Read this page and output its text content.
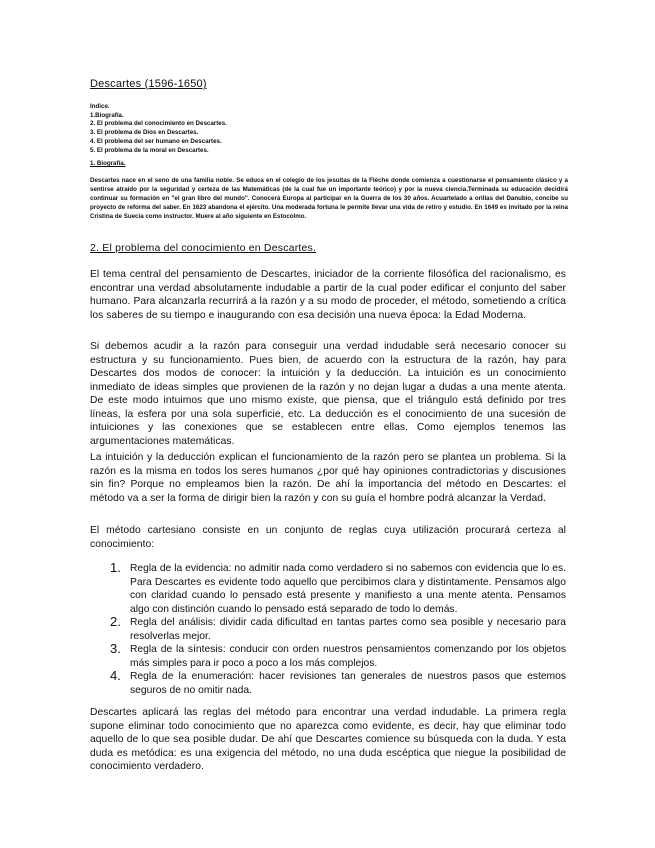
Descartes (1596-1650)
Indice.
1.Biografía.
2. El problema del conocimiento en Descartes.
3. El problema de Dios en Descartes.
4. El problema del ser humano en Descartes.
5. El problema de la moral en Descartes.
1. Biografía.
Descartes nace en el seno de una familia noble. Se educa en el colegio de los jesuitas de la Flèche donde comienza a cuestionarse el pensamiento clásico y a sentirse atraído por la seguridad y certeza de las Matemáticas (de la cual fue un importante teórico) y por la nueva ciencia.Terminada su educación decidirá continuar su formación en "el gran libro del mundo". Conocerá Europa al participar en la Guerra de los 30 años. Acuartelado a orillas del Danubio, concibe su proyecto de reforma del saber. En 1623 abandona el ejército. Una moderada fortuna le permite llevar una vida de retiro y estudio. En 1649 es invitado por la reina Cristina de Suecia como instructor. Muere al año siguiente en Estocolmo.
2. El problema del conocimiento en Descartes.
El tema central del pensamiento de Descartes, iniciador de la corriente filosófica del racionalismo, es encontrar una verdad absolutamente indudable a partir de la cual poder edificar el conjunto del saber humano. Para alcanzarla recurrirá a la razón y a su modo de proceder, el método, sometiendo a crítica los saberes de su tiempo e inaugurando con esa decisión una nueva época: la Edad Moderna.
Si debemos acudir a la razón para conseguir una verdad indudable será necesario conocer su estructura y su funcionamiento. Pues bien, de acuerdo con la estructura de la razón, hay para Descartes dos modos de conocer: la intuición y la deducción. La intuición es un conocimiento inmediato de ideas simples que provienen de la razón y no dejan lugar a dudas a una mente atenta. De este modo intuimos que uno mismo existe, que piensa, que el triángulo está definido por tres líneas, la esfera por una sola superficie, etc. La deducción es el conocimiento de una sucesión de intuiciones y las conexiones que se establecen entre ellas. Como ejemplos tenemos las argumentaciones matemáticas.
La intuición y la deducción explican el funcionamiento de la razón pero se plantea un problema. Si la razón es la misma en todos los seres humanos ¿por qué hay opiniones contradictorias y discusiones sin fin? Porque no empleamos bien la razón. De ahí la importancia del método en Descartes: el método va a ser la forma de dirigir bien la razón y con su guía el hombre podrá alcanzar la Verdad.
El método cartesiano consiste en un conjunto de reglas cuya utilización procurará certeza al conocimiento:
1. Regla de la evidencia: no admitir nada como verdadero si no sabemos con evidencia que lo es. Para Descartes es evidente todo aquello que percibimos clara y distintamente. Pensamos algo con claridad cuando lo pensado está presente y manifiesto a una mente atenta. Pensamos algo con distinción cuando lo pensado está separado de todo lo demás.
2. Regla del análisis: dividir cada dificultad en tantas partes como sea posible y necesario para resolverlas mejor.
3. Regla de la síntesis: conducir con orden nuestros pensamientos comenzando por los objetos más simples para ir poco a poco a los más complejos.
4. Regla de la enumeración: hacer revisiones tan generales de nuestros pasos que estemos seguros de no omitir nada.
Descartes aplicará las reglas del método para encontrar una verdad indudable. La primera regla supone eliminar todo conocimiento que no aparezca como evidente, es decir, hay que eliminar todo aquello de lo que sea posible dudar. De ahí que Descartes comience su búsqueda con la duda. Y esta duda es metódica: es una exigencia del método, no una duda escéptica que niegue la posibilidad de conocimiento verdadero.
